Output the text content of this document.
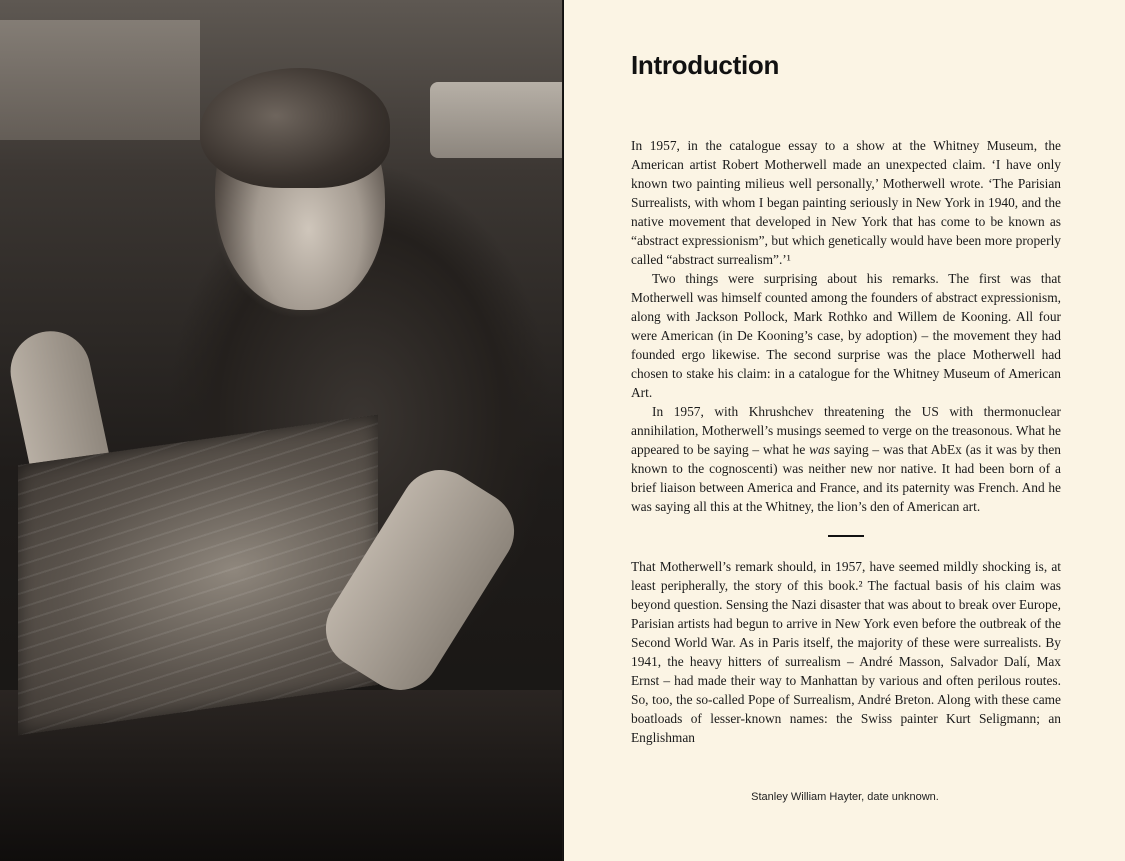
Introduction

In 1957, in the catalogue essay to a show at the Whitney Museum, the American artist Robert Motherwell made an unexpected claim. ‘I have only known two painting milieus well personally,’ Motherwell wrote. ‘The Parisian Surrealists, with whom I began painting seriously in New York in 1940, and the native movement that developed in New York that has come to be known as “abstract expressionism”, but which genetically would have been more properly called “abstract surrealism”.’¹

Two things were surprising about his remarks. The first was that Motherwell was himself counted among the founders of abstract expressionism, along with Jackson Pollock, Mark Rothko and Willem de Kooning. All four were American (in De Kooning’s case, by adoption) – the movement they had founded ergo likewise. The second surprise was the place Motherwell had chosen to stake his claim: in a catalogue for the Whitney Museum of American Art.

In 1957, with Khrushchev threatening the US with thermonuclear annihilation, Motherwell’s musings seemed to verge on the treasonous. What he appeared to be saying – what he was saying – was that AbEx (as it was by then known to the cognoscenti) was neither new nor native. It had been born of a brief liaison between America and France, and its paternity was French. And he was saying all this at the Whitney, the lion’s den of American art.

That Motherwell’s remark should, in 1957, have seemed mildly shocking is, at least peripherally, the story of this book.² The factual basis of his claim was beyond question. Sensing the Nazi disaster that was about to break over Europe, Parisian artists had begun to arrive in New York even before the outbreak of the Second World War. As in Paris itself, the majority of these were surrealists. By 1941, the heavy hitters of surrealism – André Masson, Salvador Dalí, Max Ernst – had made their way to Manhattan by various and often perilous routes. So, too, the so-called Pope of Surrealism, André Breton. Along with these came boatloads of lesser-known names: the Swiss painter Kurt Seligmann; an Englishman

Stanley William Hayter, date unknown.
